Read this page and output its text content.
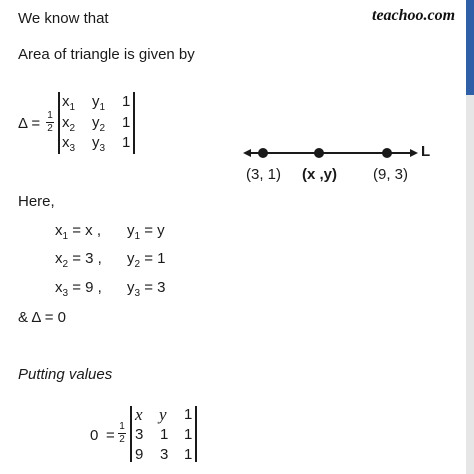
teachoo.com
We know that
Area of triangle is given by
Δ = 1
2
$x_1$ $y_1$ 1
$x_2$ $y_2$ 1
$x_3$ $y_3$ 1
L
(3, 1) (x ,y) (9, 3)
Here,
$x_1 = x$ , $y_1 = y$
$x_2 = 3$ , $y_2 = 1$
$x_3 = 9$ , $y_3 = 3$
& Δ = 0
Putting values
0 =
1
2
x y 1
3 1 1
9 3 1
